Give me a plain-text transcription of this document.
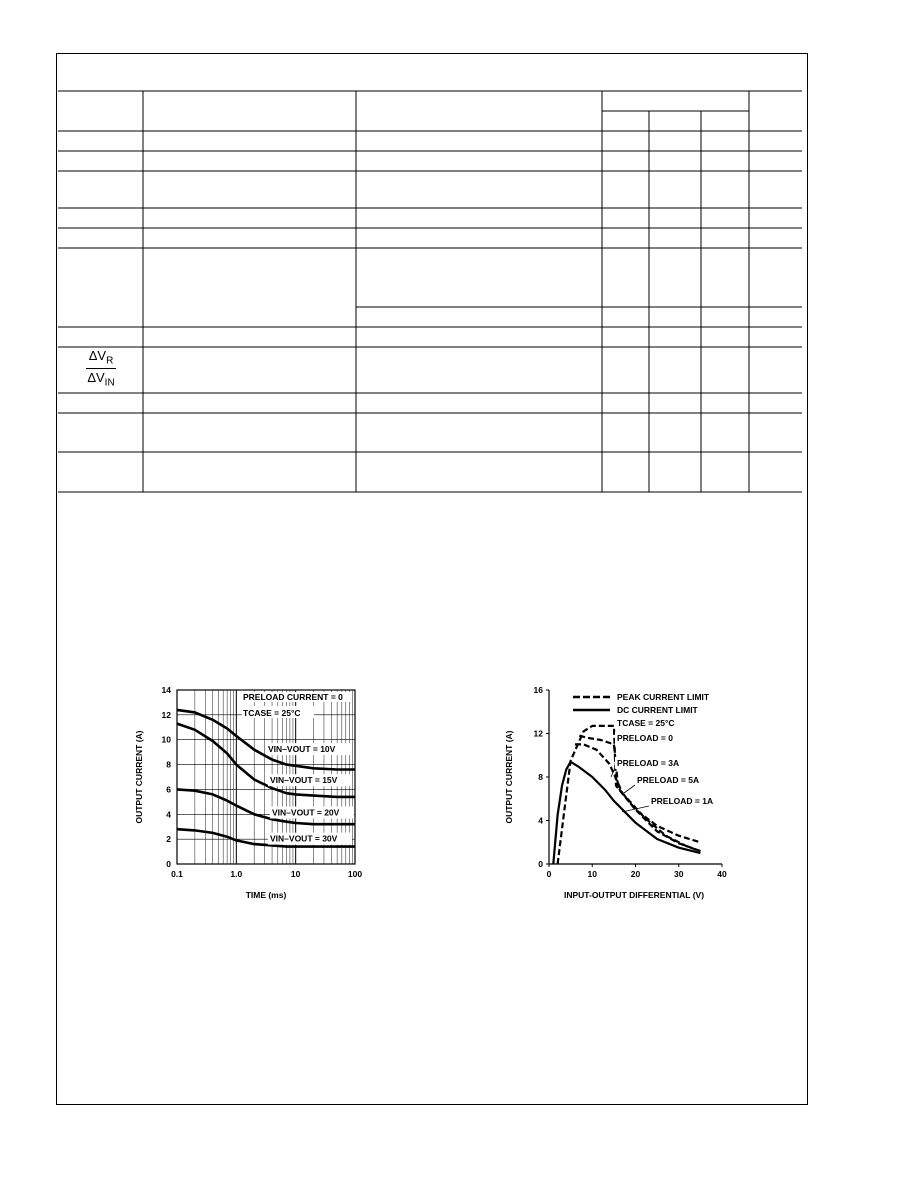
$\Delta V_R$
$\Delta V_{IN}$
OUTPUT CURRENT (A)
TIME (ms)
0.1	1.0	10	100
0
2
4
6
8
10
12
14
PRELOAD CURRENT = 0
TCASE = 25°C
VIN–VOUT = 10V
VIN–VOUT = 15V
VIN–VOUT = 20V
VIN–VOUT = 30V
OUTPUT CURRENT (A)
INPUT-OUTPUT DIFFERENTIAL (V)
0	10	20	30	40
0
4
8
12
16
PEAK CURRENT LIMIT
DC CURRENT LIMIT
TCASE = 25°C
PRELOAD = 0
PRELOAD = 3A
PRELOAD = 5A
PRELOAD = 1A
